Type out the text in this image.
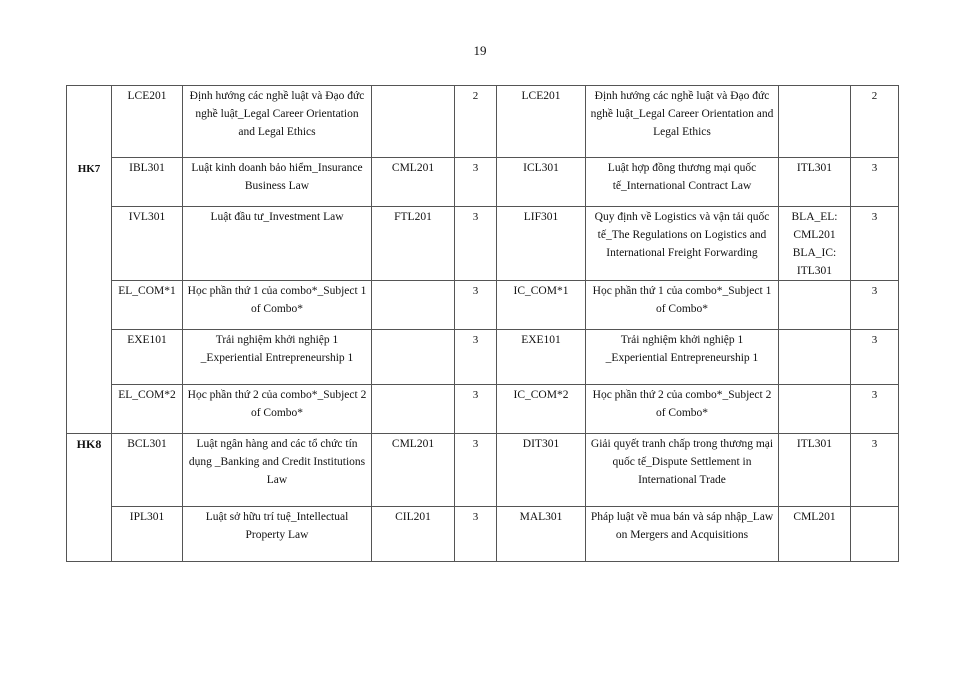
19
HK7	LCE201	Định hướng các nghề luật và Đạo đức nghề luật_Legal Career Orientation and Legal Ethics		2	LCE201	Định hướng các nghề luật và Đạo đức nghề luật_Legal Career Orientation and Legal Ethics		2
	IBL301	Luật kinh doanh bảo hiểm_Insurance Business Law	CML201	3	ICL301	Luật hợp đồng thương mại quốc tế_International Contract Law	ITL301	3
	IVL301	Luật đầu tư_Investment Law	FTL201	3	LIF301	Quy định về Logistics và vận tải quốc tế_The Regulations on Logistics and International Freight Forwarding	BLA_EL: CML201 BLA_IC: ITL301	3
	EL_COM*1	Học phần thứ 1 của combo*_Subject 1 of Combo*		3	IC_COM*1	Học phần thứ 1 của combo*_Subject 1 of Combo*		3
	EXE101	Trải nghiệm khởi nghiệp 1 _Experiential Entrepreneurship 1		3	EXE101	Trải nghiệm khởi nghiệp 1 _Experiential Entrepreneurship 1		3
	EL_COM*2	Học phần thứ 2 của combo*_Subject 2 of Combo*		3	IC_COM*2	Học phần thứ 2 của combo*_Subject 2 of Combo*		3
HK8	BCL301	Luật ngân hàng and các tổ chức tín dụng _Banking and Credit Institutions Law	CML201	3	DIT301	Giải quyết tranh chấp trong thương mại quốc tế_Dispute Settlement in International Trade	ITL301	3
	IPL301	Luật sở hữu trí tuệ_Intellectual Property Law	CIL201	3	MAL301	Pháp luật về mua bán và sáp nhập_Law on Mergers and Acquisitions	CML201	
